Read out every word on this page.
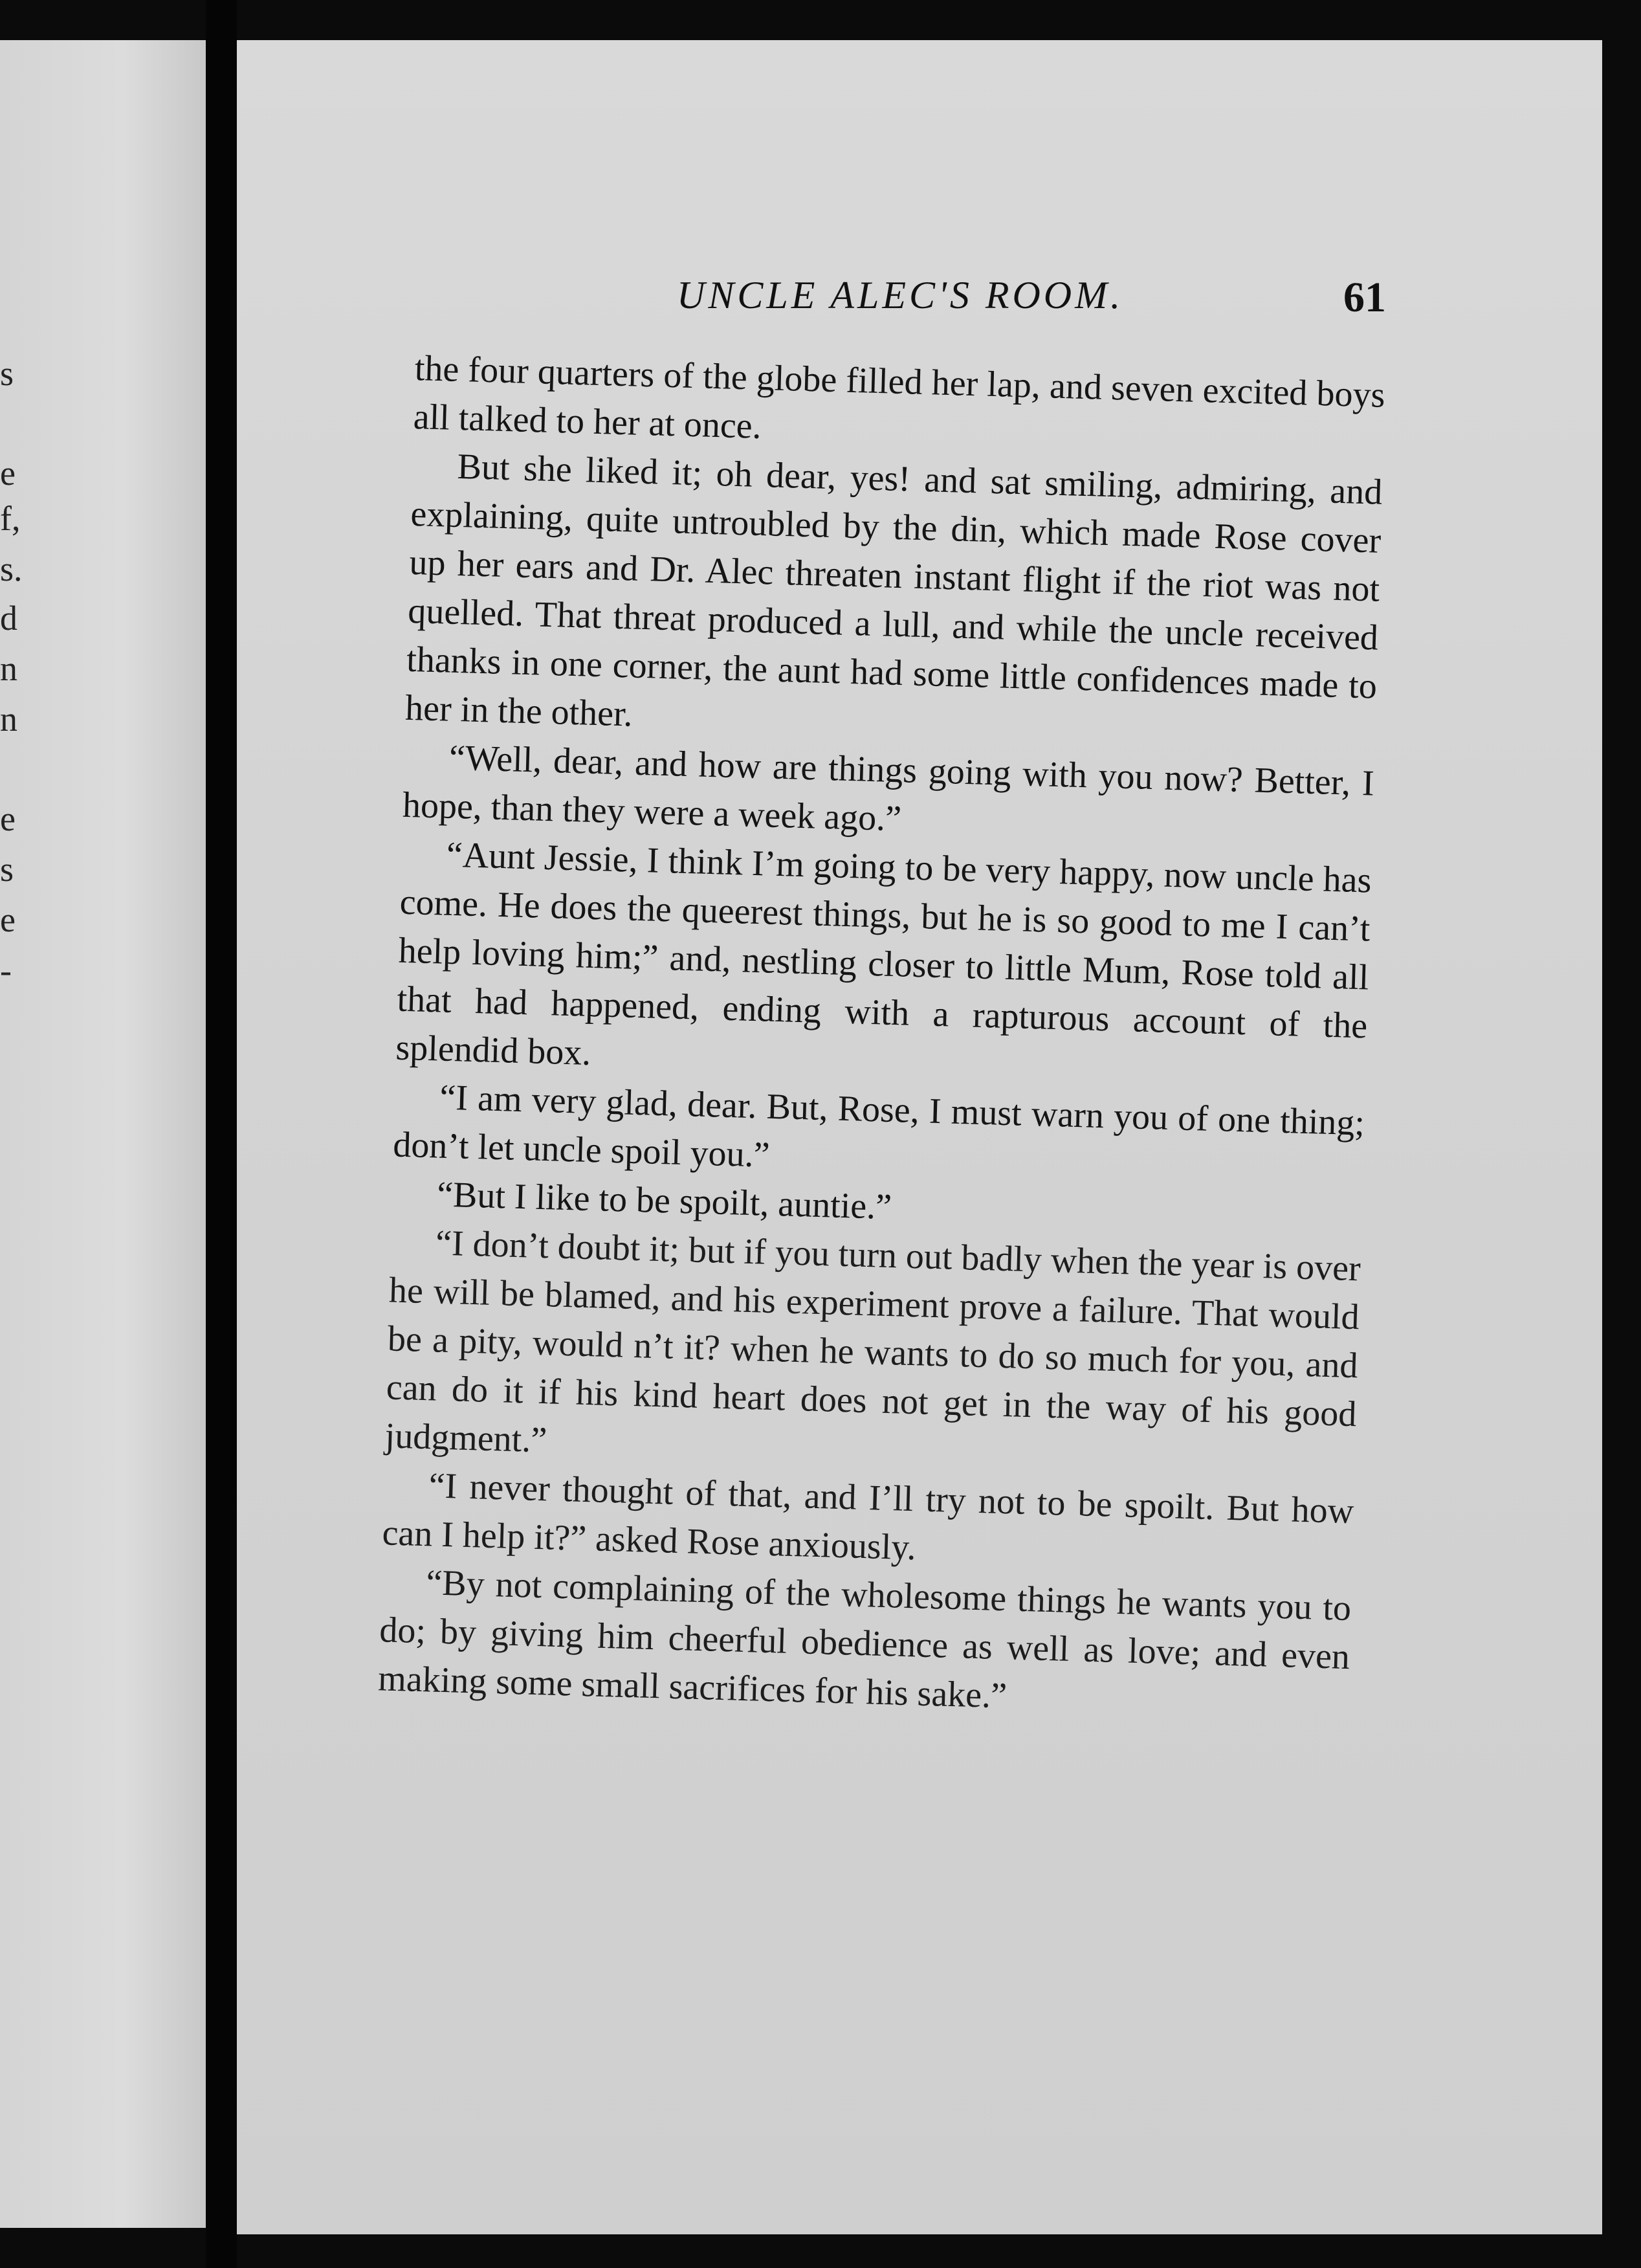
s
e
f,
s.
d
n
n
e
s
e
-
UNCLE ALEC'S ROOM.	61

the four quarters of the globe filled her lap, and seven excited boys all talked to her at once.

But she liked it; oh dear, yes! and sat smiling, admiring, and explaining, quite untroubled by the din, which made Rose cover up her ears and Dr. Alec threaten instant flight if the riot was not quelled. That threat produced a lull, and while the uncle received thanks in one corner, the aunt had some little confidences made to her in the other.

“Well, dear, and how are things going with you now? Better, I hope, than they were a week ago.”

“Aunt Jessie, I think I’m going to be very happy, now uncle has come. He does the queerest things, but he is so good to me I can’t help loving him;” and, nestling closer to little Mum, Rose told all that had happened, ending with a rapturous account of the splendid box.

“I am very glad, dear. But, Rose, I must warn you of one thing; don’t let uncle spoil you.”

“But I like to be spoilt, auntie.”

“I don’t doubt it; but if you turn out badly when the year is over he will be blamed, and his experiment prove a failure. That would be a pity, would n’t it? when he wants to do so much for you, and can do it if his kind heart does not get in the way of his good judgment.”

“I never thought of that, and I’ll try not to be spoilt. But how can I help it?” asked Rose anxiously.

“By not complaining of the wholesome things he wants you to do; by giving him cheerful obedience as well as love; and even making some small sacrifices for his sake.”
